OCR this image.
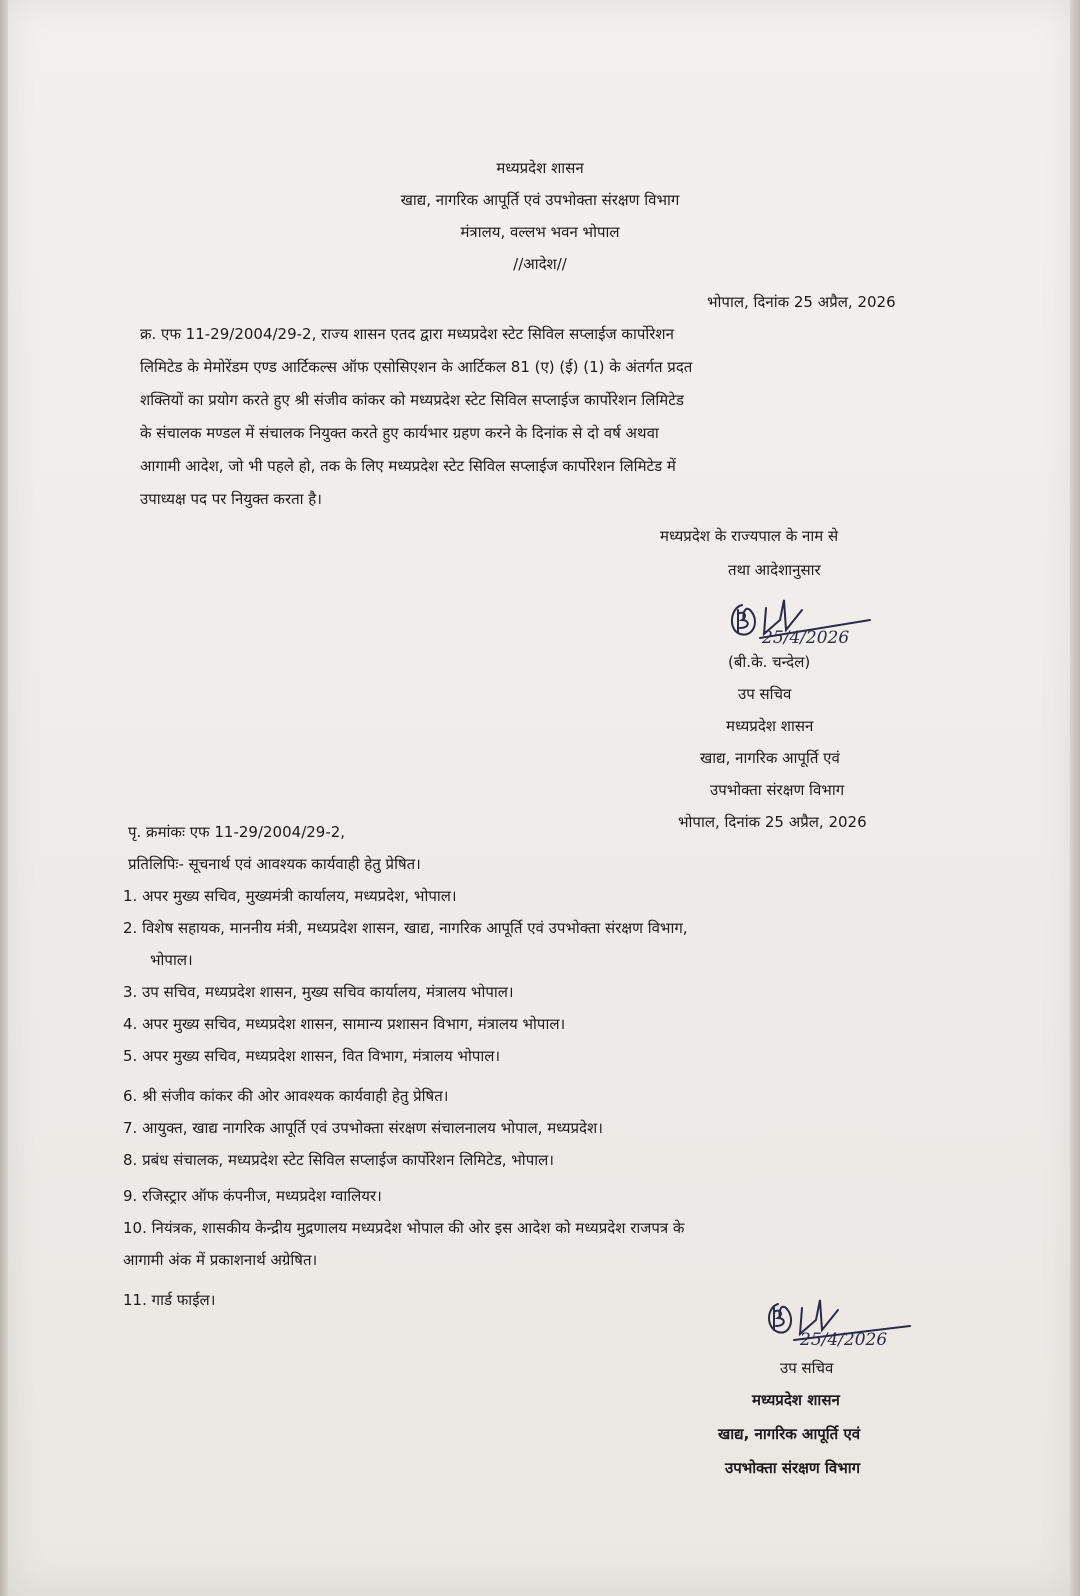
मध्यप्रदेश शासन
खाद्य, नागरिक आपूर्ति एवं उपभोक्ता संरक्षण विभाग
मंत्रालय, वल्लभ भवन भोपाल
//आदेश//
भोपाल, दिनांक 25 अप्रैल, 2026
क्र. एफ 11-29/2004/29-2, राज्य शासन एतद द्वारा मध्यप्रदेश स्टेट सिविल सप्लाईज कार्पोरेशन
लिमिटेड के मेमोरेंडम एण्ड आर्टिकल्स ऑफ एसोसिएशन के आर्टिकल 81 (ए) (ई) (1) के अंतर्गत प्रदत
शक्तियों का प्रयोग करते हुए श्री संजीव कांकर को मध्यप्रदेश स्टेट सिविल सप्लाईज कार्पोरेशन लिमिटेड
के संचालक मण्डल में संचालक नियुक्त करते हुए कार्यभार ग्रहण करने के दिनांक से दो वर्ष अथवा
आगामी आदेश, जो भी पहले हो, तक के लिए मध्यप्रदेश स्टेट सिविल सप्लाईज कार्पोरेशन लिमिटेड में
उपाध्यक्ष पद पर नियुक्त करता है।
मध्यप्रदेश के राज्यपाल के नाम से
तथा आदेशानुसार
25/4/2026
(बी.के. चन्देल)
उप सचिव
मध्यप्रदेश शासन
खाद्य, नागरिक आपूर्ति एवं
उपभोक्ता संरक्षण विभाग
भोपाल, दिनांक 25 अप्रैल, 2026
पृ. क्रमांकः एफ 11-29/2004/29-2,
प्रतिलिपिः- सूचनार्थ एवं आवश्यक कार्यवाही हेतु प्रेषित।
1. अपर मुख्य सचिव, मुख्यमंत्री कार्यालय, मध्यप्रदेश, भोपाल।
2. विशेष सहायक, माननीय मंत्री, मध्यप्रदेश शासन, खाद्य, नागरिक आपूर्ति एवं उपभोक्ता संरक्षण विभाग,
भोपाल।
3. उप सचिव, मध्यप्रदेश शासन, मुख्य सचिव कार्यालय, मंत्रालय भोपाल।
4. अपर मुख्य सचिव, मध्यप्रदेश शासन, सामान्य प्रशासन विभाग, मंत्रालय भोपाल।
5. अपर मुख्य सचिव, मध्यप्रदेश शासन, वित विभाग, मंत्रालय भोपाल।
6. श्री संजीव कांकर की ओर आवश्यक कार्यवाही हेतु प्रेषित।
7. आयुक्त, खाद्य नागरिक आपूर्ति एवं उपभोक्ता संरक्षण संचालनालय भोपाल, मध्यप्रदेश।
8. प्रबंध संचालक, मध्यप्रदेश स्टेट सिविल सप्लाईज कार्पोरेशन लिमिटेड, भोपाल।
9. रजिस्ट्रार ऑफ कंपनीज, मध्यप्रदेश ग्वालियर।
10. नियंत्रक, शासकीय केन्द्रीय मुद्रणालय मध्यप्रदेश भोपाल की ओर इस आदेश को मध्यप्रदेश राजपत्र के
आगामी अंक में प्रकाशनार्थ अग्रेषित।
11. गार्ड फाईल।
25/4/2026
उप सचिव
मध्यप्रदेश शासन
खाद्य, नागरिक आपूर्ति एवं
उपभोक्ता संरक्षण विभाग
